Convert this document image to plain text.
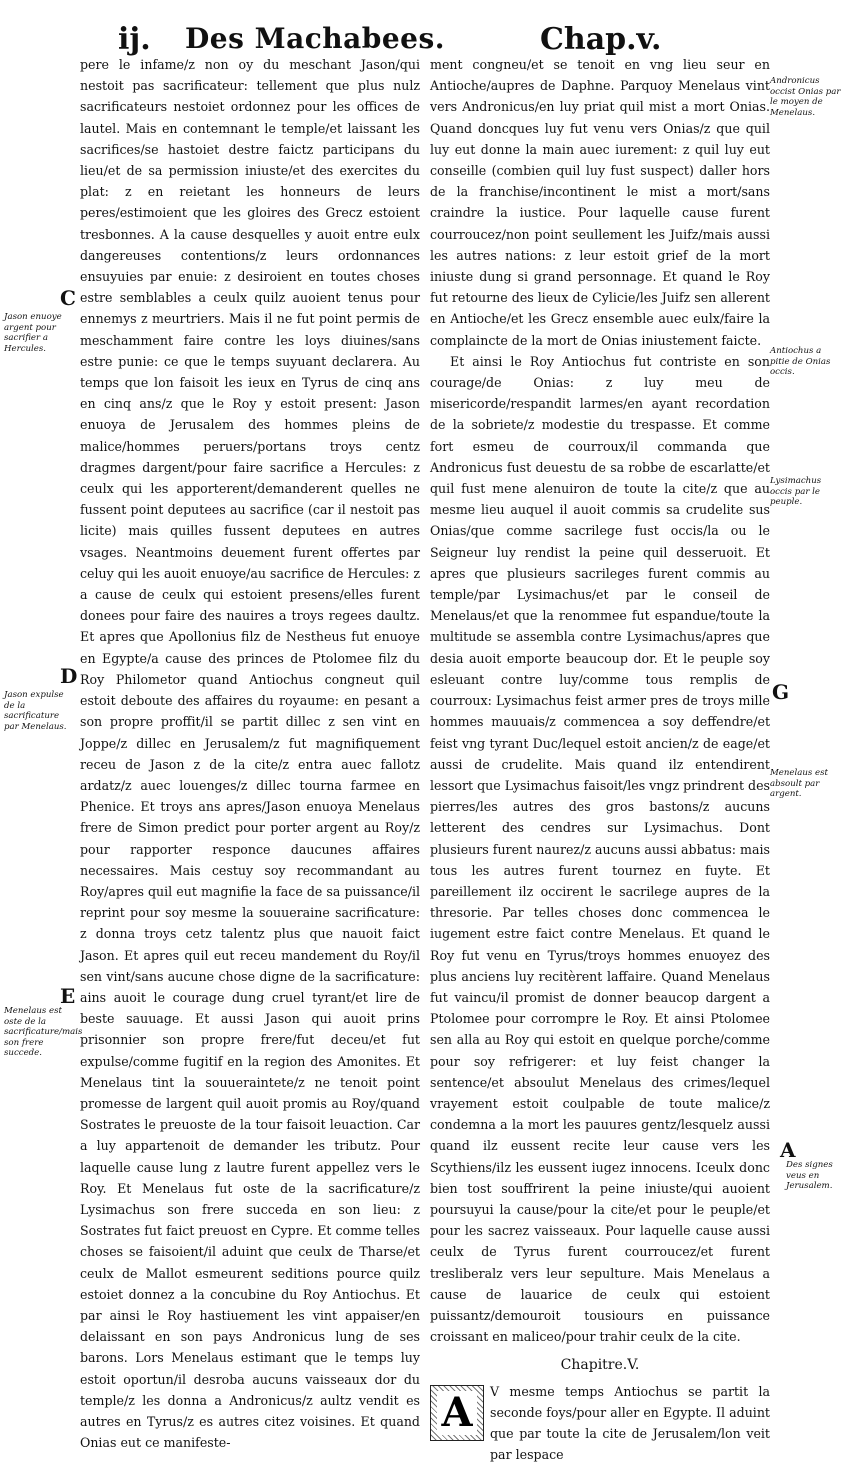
ij. Des Machabees.	Chap.v.

pere le infame/z non oy du meschant Jason/qui nestoit pas sacrificateur: tellement que plus nulz sacrificateurs nestoiet ordonnez pour les offices de lautel. Mais en contemnant le temple/et laissant les sacrifices/se hastoiet destre faictz participans du lieu/et de sa permission iniuste/et des exercites du plat: z en reietant les honneurs de leurs peres/estimoient que les gloires des Grecz estoient tresbonnes. A la cause desquelles y auoit entre eulx dangereuses contentions/z leurs ordonnances ensuyuies par enuie: z desiroient en toutes choses estre semblables a ceulx quilz auoient tenus pour ennemys z meurtriers. Mais il ne fut point permis de meschamment faire contre les loys diuines/sans estre punie: ce que le temps suyuant declarera. Au temps que lon faisoit les ieux en Tyrus de cinq ans en cinq ans/z que le Roy y estoit present: Jason enuoya de Jerusalem des hommes pleins de malice/hommes peruers/portans troys centz dragmes dargent/pour faire sacrifice a Hercules: z ceulx qui les apporterent/demanderent quelles ne fussent point deputees au sacrifice (car il nestoit pas licite) mais quilles fussent deputees en autres vsages. Neantmoins deuement furent offertes par celuy qui les auoit enuoye/au sacrifice de Hercules: z a cause de ceulx qui estoient presens/elles furent donees pour faire des nauires a troys regees daultz. Et apres que Apollonius filz de Nestheus fut enuoye en Egypte/a cause des princes de Ptolomee filz du Roy Philometor quand Antiochus congneut quil estoit deboute des affaires du royaume: en pesant a son propre proffit/il se partit dillec z sen vint en Joppe/z dillec en Jerusalem/z fut magnifiquement receu de Jason z de la cite/z entra auec fallotz ardatz/z auec louenges/z dillec tourna farmee en Phenice. Et troys ans apres/Jason enuoya Menelaus frere de Simon predict pour porter argent au Roy/z pour rapporter responce daucunes affaires necessaires. Mais cestuy soy recommandant au Roy/apres quil eut magnifie la face de sa puissance/il reprint pour soy mesme la souueraine sacrificature: z donna troys cetz talentz plus que nauoit faict Jason. Et apres quil eut receu mandement du Roy/il sen vint/sans aucune chose digne de la sacrificature: ains auoit le courage dung cruel tyrant/et lire de beste sauuage. Et aussi Jason qui auoit prins prisonnier son propre frere/fut deceu/et fut expulse/comme fugitif en la region des Amonites. Et Menelaus tint la souueraintete/z ne tenoit point promesse de largent quil auoit promis au Roy/quand Sostrates le preuoste de la tour faisoit leuaction. Car a luy appartenoit de demander les tributz. Pour laquelle cause lung z lautre furent appellez vers le Roy. Et Menelaus fut oste de la sacrificature/z Lysimachus son frere succeda en son lieu: z Sostrates fut faict preuost en Cypre. Et comme telles choses se faisoient/il aduint que ceulx de Tharse/et ceulx de Mallot esmeurent seditions pource quilz estoiet donnez a la concubine du Roy Antiochus. Et par ainsi le Roy hastiuement les vint appaiser/en delaissant en son pays Andronicus lung de ses barons. Lors Menelaus estimant que le temps luy estoit oportun/il desroba aucuns vaisseaux dor du temple/z les donna a Andronicus/z aultz vendit es autres en Tyrus/z es autres citez voisines. Et quand Onias eut ce manifeste-

ment congneu/et se tenoit en vng lieu seur en Antioche/aupres de Daphne. Parquoy Menelaus vint vers Andronicus/en luy priat quil mist a mort Onias. Quand doncques luy fut venu vers Onias/z que quil luy eut donne la main auec iurement: z quil luy eut conseille (combien quil luy fust suspect) daller hors de la franchise/incontinent le mist a mort/sans craindre la iustice. Pour laquelle cause furent courroucez/non point seullement les Juifz/mais aussi les autres nations: z leur estoit grief de la mort iniuste dung si grand personnage. Et quand le Roy fut retourne des lieux de Cylicie/les Juifz sen allerent en Antioche/et les Grecz ensemble auec eulx/faire la complaincte de la mort de Onias iniustement faicte.

Et ainsi le Roy Antiochus fut contriste en son courage/de Onias: z luy meu de misericorde/respandit larmes/en ayant recordation de la sobriete/z modestie du trespasse. Et comme fort esmeu de courroux/il commanda que Andronicus fust deuestu de sa robbe de escarlatte/et quil fust mene alenuiron de toute la cite/z que au mesme lieu auquel il auoit commis sa crudelite sus Onias/que comme sacrilege fust occis/la ou le Seigneur luy rendist la peine quil desseruoit. Et apres que plusieurs sacrileges furent commis au temple/par Lysimachus/et par le conseil de Menelaus/et que la renommee fut espandue/toute la multitude se assembla contre Lysimachus/apres que desia auoit emporte beaucoup dor. Et le peuple soy esleuant contre luy/comme tous remplis de courroux: Lysimachus feist armer pres de troys mille hommes mauuais/z commencea a soy deffendre/et feist vng tyrant Duc/lequel estoit ancien/z de eage/et aussi de crudelite. Mais quand ilz entendirent lessort que Lysimachus faisoit/les vngz prindrent des pierres/les autres des gros bastons/z aucuns letterent des cendres sur Lysimachus. Dont plusieurs furent naurez/z aucuns aussi abbatus: mais tous les autres furent tournez en fuyte. Et pareillement ilz occirent le sacrilege aupres de la thresorie. Par telles choses donc commencea le iugement estre faict contre Menelaus. Et quand le Roy fut venu en Tyrus/troys hommes enuoyez des plus anciens luy recitèrent laffaire. Quand Menelaus fut vaincu/il promist de donner beaucop dargent a Ptolomee pour corrompre le Roy. Et ainsi Ptolomee sen alla au Roy qui estoit en quelque porche/comme pour soy refrigerer: et luy feist changer la sentence/et absoulut Menelaus des crimes/lequel vrayement estoit coulpable de toute malice/z condemna a la mort les pauures gentz/lesquelz aussi quand ilz eussent recite leur cause vers les Scythiens/ilz les eussent iugez innocens. Iceulx donc bien tost souffrirent la peine iniuste/qui auoient poursuyui la cause/pour la cite/et pour le peuple/et pour les sacrez vaisseaux. Pour laquelle cause aussi ceulx de Tyrus furent courroucez/et furent tresliberalz vers leur sepulture. Mais Menelaus a cause de lauarice de ceulx qui estoient puissantz/demouroit tousiours en puissance croissant en maliceo/pour trahir ceulx de la cite.

Chapitre.V.
A	V mesme temps Antiochus se partit la seconde foys/pour aller en Egypte. Il aduint que par toute la cite de Jerusalem/lon veit par lespace

C
Jason enuoye argent pour sacrifier a Hercules.
D
Jason expulse de la sacrificature par Menelaus.
E
Menelaus est oste de la sacrificature/mais son frere succede.
Andronicus occist Onias par le moyen de Menelaus.
Antiochus a pitie de Onias occis.
Lysimachus occis par le peuple.
G
Menelaus est absoult par argent.
A
Des signes veus en Jerusalem.
